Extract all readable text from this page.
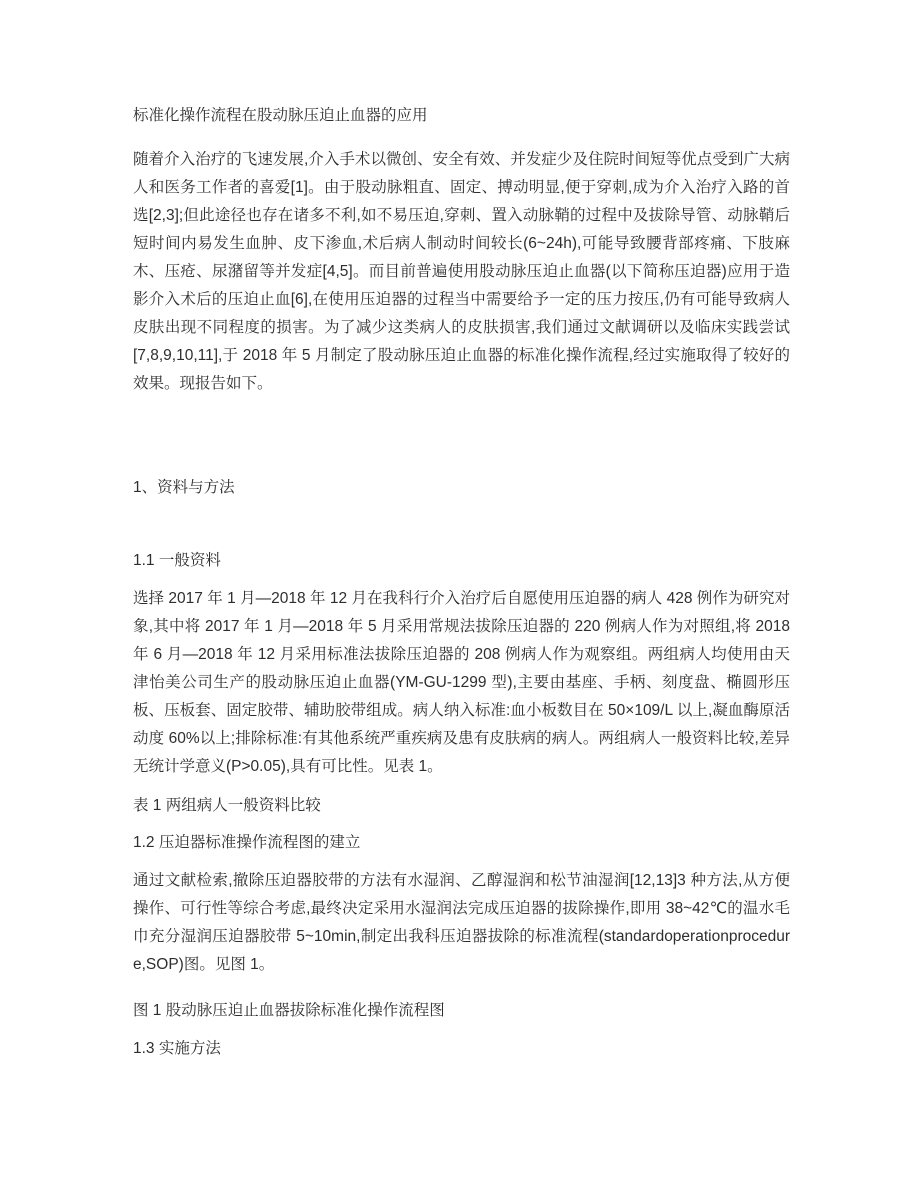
标准化操作流程在股动脉压迫止血器的应用

随着介入治疗的飞速发展,介入手术以微创、安全有效、并发症少及住院时间短等优点受到广大病人和医务工作者的喜爱[1]。由于股动脉粗直、固定、搏动明显,便于穿刺,成为介入治疗入路的首选[2,3];但此途径也存在诸多不利,如不易压迫,穿刺、置入动脉鞘的过程中及拔除导管、动脉鞘后短时间内易发生血肿、皮下渗血,术后病人制动时间较长(6~24h),可能导致腰背部疼痛、下肢麻木、压疮、尿潴留等并发症[4,5]。而目前普遍使用股动脉压迫止血器(以下简称压迫器)应用于造影介入术后的压迫止血[6],在使用压迫器的过程当中需要给予一定的压力按压,仍有可能导致病人皮肤出现不同程度的损害。为了减少这类病人的皮肤损害,我们通过文献调研以及临床实践尝试[7,8,9,10,11],于 2018 年 5 月制定了股动脉压迫止血器的标准化操作流程,经过实施取得了较好的效果。现报告如下。

1、资料与方法
1.1 一般资料

选择 2017 年 1 月—2018 年 12 月在我科行介入治疗后自愿使用压迫器的病人 428 例作为研究对象,其中将 2017 年 1 月—2018 年 5 月采用常规法拔除压迫器的 220 例病人作为对照组,将 2018 年 6 月—2018 年 12 月采用标准法拔除压迫器的 208 例病人作为观察组。两组病人均使用由天津怡美公司生产的股动脉压迫止血器(YM-GU-1299 型),主要由基座、手柄、刻度盘、椭圆形压板、压板套、固定胶带、辅助胶带组成。病人纳入标准:血小板数目在 50×109/L 以上,凝血酶原活动度 60%以上;排除标准:有其他系统严重疾病及患有皮肤病的病人。两组病人一般资料比较,差异无统计学意义(P>0.05),具有可比性。见表 1。

表 1 两组病人一般资料比较

1.2 压迫器标准操作流程图的建立

通过文献检索,撤除压迫器胶带的方法有水湿润、乙醇湿润和松节油湿润[12,13]3 种方法,从方便操作、可行性等综合考虑,最终决定采用水湿润法完成压迫器的拔除操作,即用 38~42℃的温水毛巾充分湿润压迫器胶带 5~10min,制定出我科压迫器拔除的标准流程(standardoperationprocedure,SOP)图。见图 1。

图 1 股动脉压迫止血器拔除标准化操作流程图

1.3 实施方法
